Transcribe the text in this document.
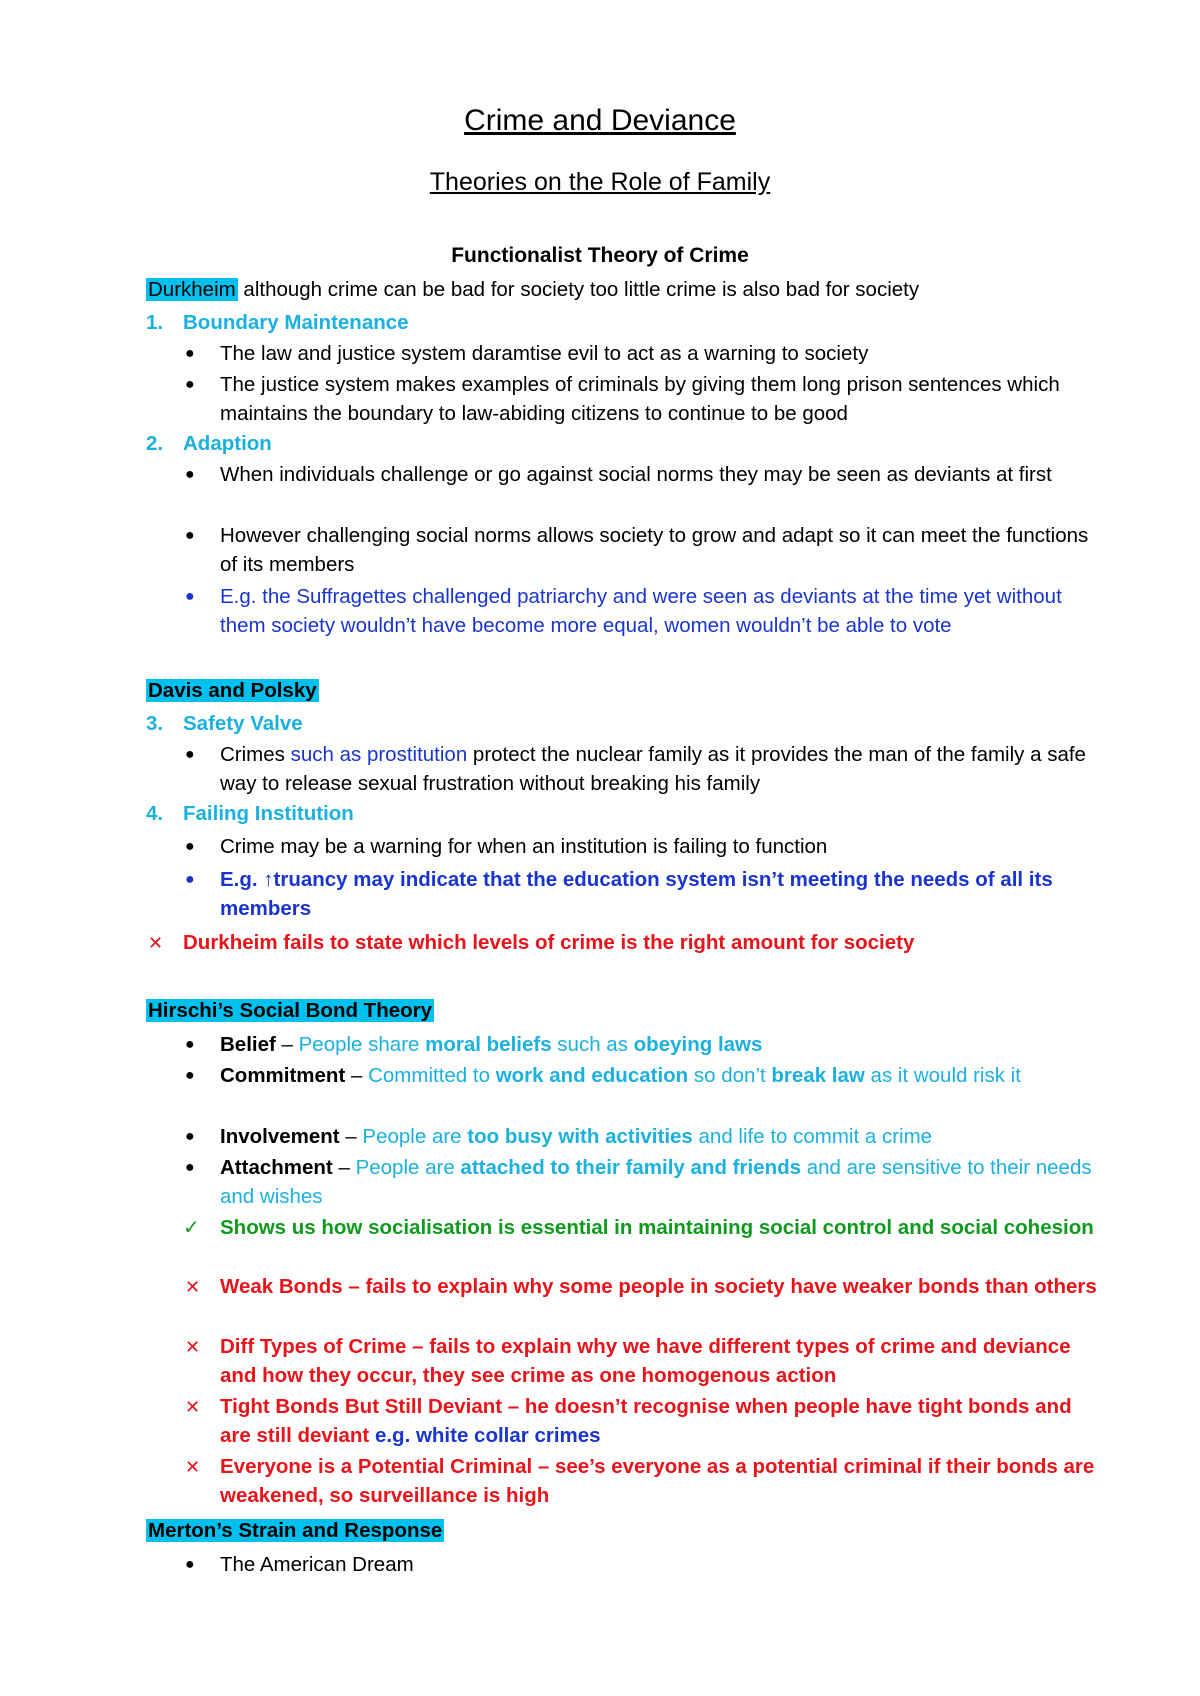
Crime and Deviance
Theories on the Role of Family
Functionalist Theory of Crime
Durkheim although crime can be bad for society too little crime is also bad for society
1. Boundary Maintenance
●
The law and justice system daramtise evil to act as a warning to society
●
The justice system makes examples of criminals by giving them long prison sentences which maintains the boundary to law-abiding citizens to continue to be good
2. Adaption
●
When individuals challenge or go against social norms they may be seen as deviants at first
●
However challenging social norms allows society to grow and adapt so it can meet the functions of its members
●
E.g. the Suffragettes challenged patriarchy and were seen as deviants at the time yet without them society wouldn’t have become more equal, women wouldn’t be able to vote
Davis and Polsky
3. Safety Valve
●
Crimes such as prostitution protect the nuclear family as it provides the man of the family a safe way to release sexual frustration without breaking his family
4. Failing Institution
●
Crime may be a warning for when an institution is failing to function
●
E.g. ↑truancy may indicate that the education system isn’t meeting the needs of all its members
✕ Durkheim fails to state which levels of crime is the right amount for society
Hirschi’s Social Bond Theory
●
Belief – People share moral beliefs such as obeying laws
●
Commitment – Committed to work and education so don’t break law as it would risk it
●
Involvement – People are too busy with activities and life to commit a crime
●
Attachment – People are attached to their family and friends and are sensitive to their needs and wishes
✓ Shows us how socialisation is essential in maintaining social control and social cohesion
✕ Weak Bonds – fails to explain why some people in society have weaker bonds than others
✕ Diff Types of Crime – fails to explain why we have different types of crime and deviance and how they occur, they see crime as one homogenous action
✕ Tight Bonds But Still Deviant – he doesn’t recognise when people have tight bonds and are still deviant e.g. white collar crimes
✕ Everyone is a Potential Criminal – see’s everyone as a potential criminal if their bonds are weakened, so surveillance is high
Merton’s Strain and Response
●
The American Dream
